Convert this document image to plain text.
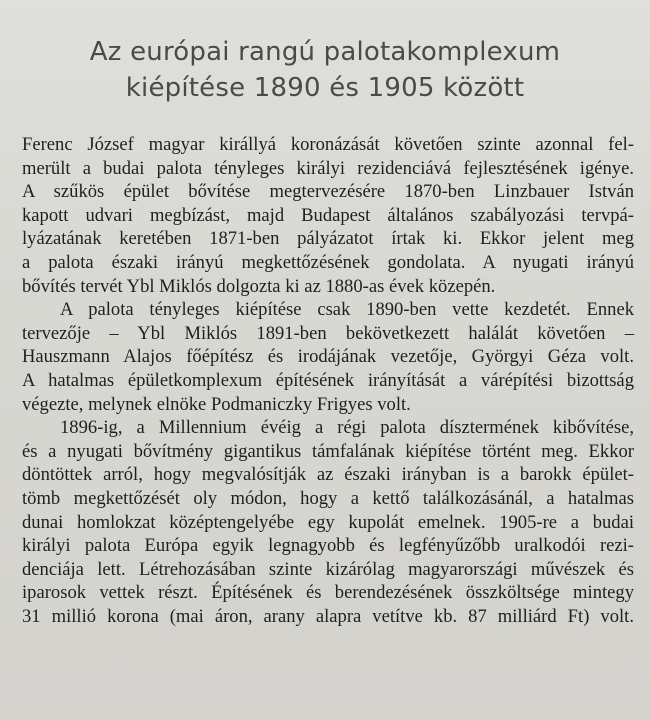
Az európai rangú palotakomplexum
kiépítése 1890 és 1905 között
Ferenc József magyar királlyá koronázását követően szinte azonnal fel-
merült a budai palota tényleges királyi rezidenciává fejlesztésének igénye.
A szűkös épület bővítése megtervezésére 1870-ben Linzbauer István
kapott udvari megbízást, majd Budapest általános szabályozási tervpá-
lyázatának keretében 1871-ben pályázatot írtak ki. Ekkor jelent meg
a palota északi irányú megkettőzésének gondolata. A nyugati irányú
bővítés tervét Ybl Miklós dolgozta ki az 1880-as évek közepén.
A palota tényleges kiépítése csak 1890-ben vette kezdetét. Ennek
tervezője – Ybl Miklós 1891-ben bekövetkezett halálát követően –
Hauszmann Alajos főépítész és irodájának vezetője, Györgyi Géza volt.
A hatalmas épületkomplexum építésének irányítását a várépítési bizottság
végezte, melynek elnöke Podmaniczky Frigyes volt.
1896-ig, a Millennium évéig a régi palota dísztermének kibővítése,
és a nyugati bővítmény gigantikus támfalának kiépítése történt meg. Ekkor
döntöttek arról, hogy megvalósítják az északi irányban is a barokk épület-
tömb megkettőzését oly módon, hogy a kettő találkozásánál, a hatalmas
dunai homlokzat középtengelyébe egy kupolát emelnek. 1905-re a budai
királyi palota Európa egyik legnagyobb és legfényűzőbb uralkodói rezi-
denciája lett. Létrehozásában szinte kizárólag magyarországi művészek és
iparosok vettek részt. Építésének és berendezésének összköltsége mintegy
31 millió korona (mai áron, arany alapra vetítve kb. 87 milliárd Ft) volt.
